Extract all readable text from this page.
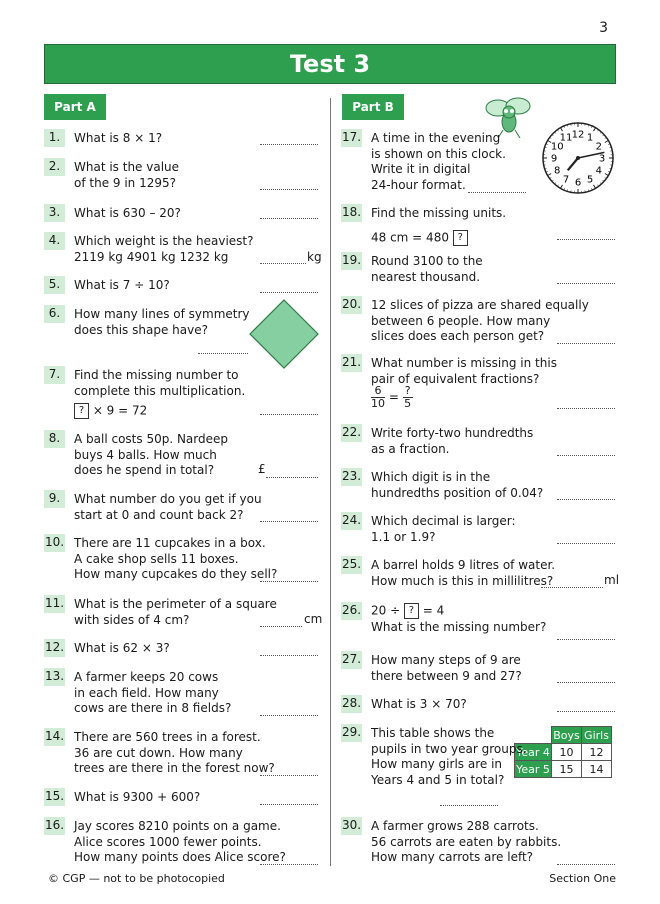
3
Test 3
Part A	Part B
12 1
2
3
4
5
6
7
8
9
10
11
	Boys	Girls
Year 4	10	12
Year 5	15	14
1.	What is 8 × 1?
2.	What is the value
of the 9 in 1295?
3.	What is 630 – 20?
4.	Which weight is the heaviest?
2119 kg 4901 kg 1232 kg	kg
5.	What is 7 ÷ 10?
6.	How many lines of symmetry
does this shape have?
7.	Find the missing number to
complete this multiplication.
? × 9 = 72
8.	A ball costs 50p. Nardeep
buys 4 balls. How much
does he spend in total?	£
9.	What number do you get if you
start at 0 and count back 2?
10. There are 11 cupcakes in a box.
A cake shop sells 11 boxes.
How many cupcakes do they sell?
11. What is the perimeter of a square
with sides of 4 cm?	cm
12. What is 62 × 3?
13. A farmer keeps 20 cows
in each field. How many
cows are there in 8 fields?
14. There are 560 trees in a forest.
36 are cut down. How many
trees are there in the forest now?
15. What is 9300 + 600?
16. Jay scores 8210 points on a game.
Alice scores 1000 fewer points.
How many points does Alice score?
17. A time in the evening
is shown on this clock.
Write it in digital
24-hour format.
18. Find the missing units.
48 cm = 480 ?
19. Round 3100 to the
nearest thousand.
20. 12 slices of pizza are shared equally
between 6 people. How many
slices does each person get?
21. What number is missing in this
pair of equivalent fractions?
$\frac{6}{10} = \frac{?}{5}$
22. Write forty-two hundredths
as a fraction.
23. Which digit is in the
hundredths position of 0.04?
24. Which decimal is larger:
1.1 or 1.9?
25. A barrel holds 9 litres of water.
How much is this in millilitres?	ml
26.
What is the missing number?
20 ÷ ? = 4
27. How many steps of 9 are
there between 9 and 27?
28. What is 3 × 70?
29. This table shows the
pupils in two year groups.
How many girls are in
Years 4 and 5 in total?
30. A farmer grows 288 carrots.
56 carrots are eaten by rabbits.
How many carrots are left?
© CGP — not to be photocopied	Section One
